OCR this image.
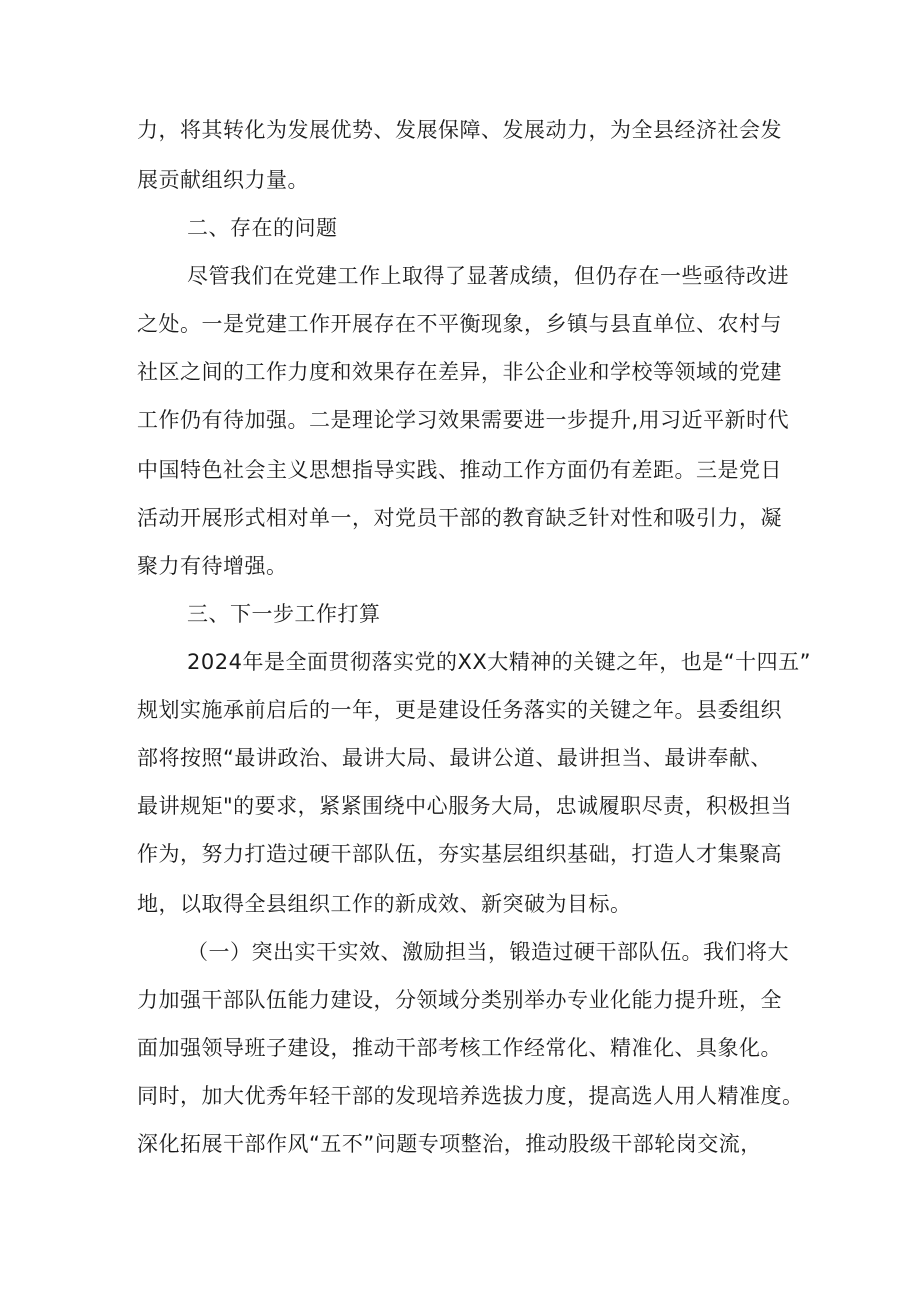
力，将其转化为发展优势、发展保障、发展动力，为全县经济社会发
展贡献组织力量。
二、存在的问题
尽管我们在党建工作上取得了显著成绩，但仍存在一些亟待改进
之处。一是党建工作开展存在不平衡现象，乡镇与县直单位、农村与
社区之间的工作力度和效果存在差异，非公企业和学校等领域的党建
工作仍有待加强。二是理论学习效果需要进一步提升,用习近平新时代
中国特色社会主义思想指导实践、推动工作方面仍有差距。三是党日
活动开展形式相对单一，对党员干部的教育缺乏针对性和吸引力，凝
聚力有待增强。
三、下一步工作打算
2024年是全面贯彻落实党的XX大精神的关键之年，也是“十四五”
规划实施承前启后的一年，更是建设任务落实的关键之年。县委组织
部将按照“最讲政治、最讲大局、最讲公道、最讲担当、最讲奉献、
最讲规矩"的要求，紧紧围绕中心服务大局，忠诚履职尽责，积极担当
作为，努力打造过硬干部队伍，夯实基层组织基础，打造人才集聚高
地，以取得全县组织工作的新成效、新突破为目标。
（一）突出实干实效、激励担当，锻造过硬干部队伍。我们将大
力加强干部队伍能力建设，分领域分类别举办专业化能力提升班，全
面加强领导班子建设，推动干部考核工作经常化、精准化、具象化。
同时，加大优秀年轻干部的发现培养选拔力度，提高选人用人精准度。
深化拓展干部作风“五不”问题专项整治，推动股级干部轮岗交流，
